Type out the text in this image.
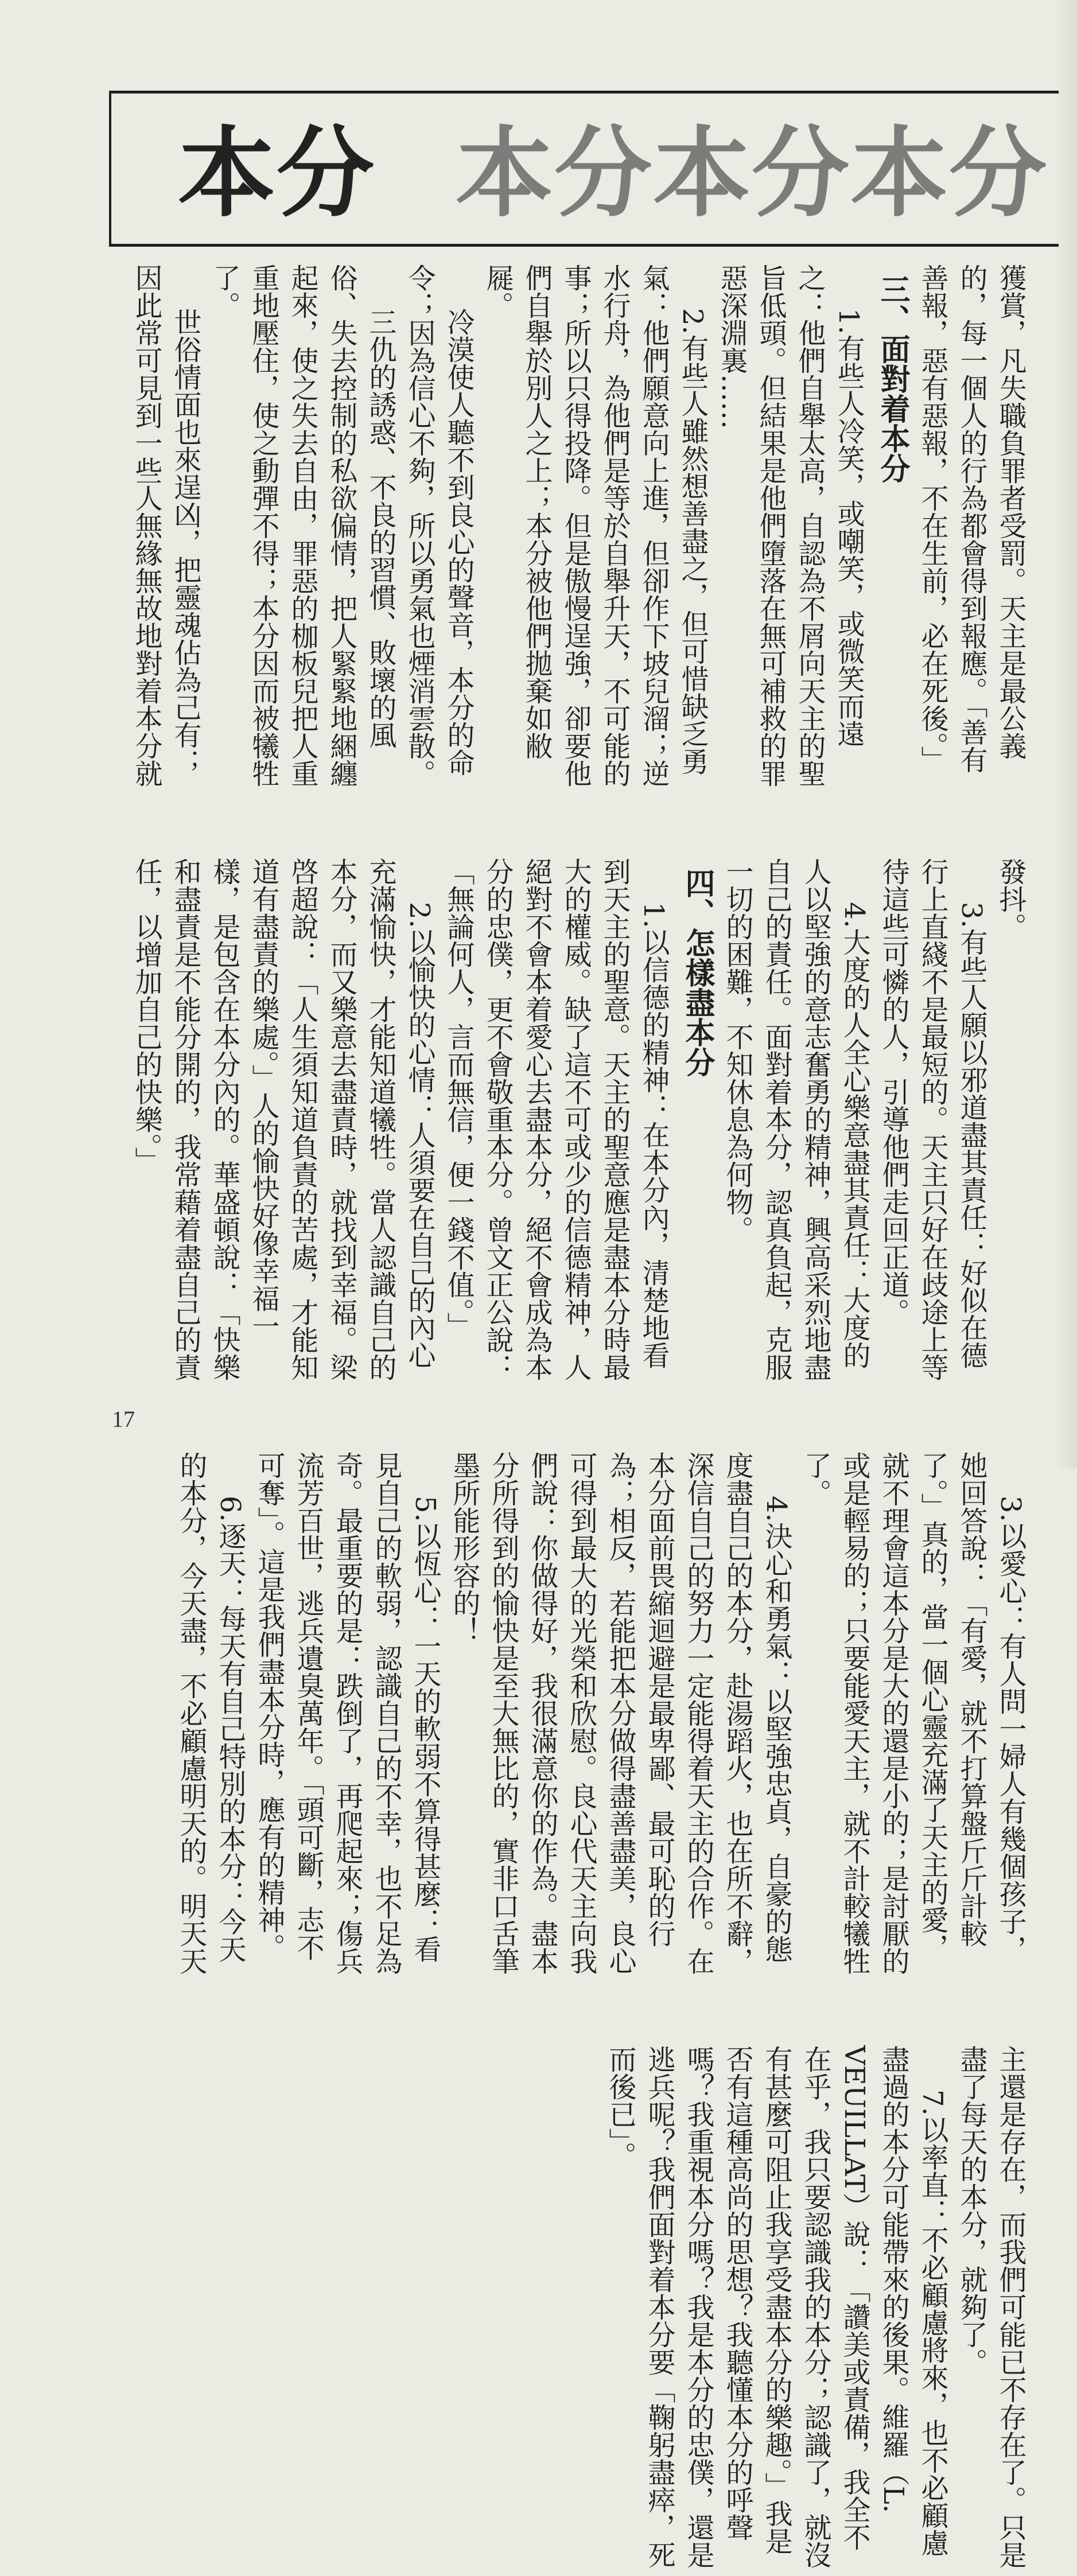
本分 本分本分本分

獲賞，凡失職負罪者受罰。天主是最公義的，每一個人的行為都會得到報應。「善有善報，惡有惡報，不在生前，必在死後。」

三、面對着本分

1.有些人冷笑，或嘲笑，或微笑而遠之：他們自舉太高，自認為不屑向天主的聖旨低頭。但結果是他們墮落在無可補救的罪惡深淵裏……

2.有些人雖然想善盡之，但可惜缺乏勇氣：他們願意向上進，但卻作下坡兒溜；逆水行舟，為他們是等於自舉升天，不可能的事；所以只得投降。但是傲慢逞強，卻要他們自舉於別人之上；本分被他們拋棄如敝屣。

冷漠使人聽不到良心的聲音，本分的命令；因為信心不夠，所以勇氣也煙消雲散。

三仇的誘惑、不良的習慣、敗壞的風俗、失去控制的私欲偏情，把人緊緊地綑纏起來，使之失去自由，罪惡的枷板兒把人重重地壓住，使之動彈不得；本分因而被犧牲了。

世俗情面也來逞凶，把靈魂佔為己有；因此常可見到一些人無緣無故地對着本分就發抖。

3.有些人願以邪道盡其責任：好似在德行上直綫不是最短的。天主只好在歧途上等待這些可憐的人，引導他們走回正道。

4.大度的人全心樂意盡其責任：大度的人以堅強的意志奮勇的精神，興高采烈地盡自己的責任。面對着本分，認真負起，克服一切的困難，不知休息為何物。

四、怎樣盡本分

1.以信德的精神：在本分內，清楚地看到天主的聖意。天主的聖意應是盡本分時最大的權威。缺了這不可或少的信德精神，人絕對不會本着愛心去盡本分，絕不會成為本分的忠僕，更不會敬重本分。曾文正公說：「無論何人，言而無信，便一錢不值。」

2.以愉快的心情：人須要在自己的內心充滿愉快，才能知道犧牲。當人認識自己的本分，而又樂意去盡責時，就找到幸福。梁啓超說：「人生須知道負責的苦處，才能知道有盡責的樂處。」人的愉快好像幸福一樣，是包含在本分內的。華盛頓說：「快樂和盡責是不能分開的，我常藉着盡自己的責任，以增加自己的快樂。」

3.以愛心：有人問一婦人有幾個孩子，她回答說：「有愛，就不打算盤斤斤計較了。」真的，當一個心靈充滿了天主的愛，就不理會這本分是大的還是小的；是討厭的或是輕易的；只要能愛天主，就不計較犧牲了。

4.決心和勇氣：以堅強忠貞，自豪的態度盡自己的本分，赴湯蹈火，也在所不辭，深信自己的努力一定能得着天主的合作。在本分面前畏縮迴避是最卑鄙、最可恥的行為；相反，若能把本分做得盡善盡美，良心可得到最大的光榮和欣慰。良心代天主向我們說：你做得好，我很滿意你的作為。盡本分所得到的愉快是至大無比的，實非口舌筆墨所能形容的！

5.以恆心：一天的軟弱不算得甚麼：看見自己的軟弱，認識自己的不幸，也不足為奇。最重要的是：跌倒了，再爬起來；傷兵流芳百世，逃兵遺臭萬年。「頭可斷，志不可奪」。這是我們盡本分時，應有的精神。

6.逐天：每天有自己特別的本分：今天的本分，今天盡，不必顧慮明天的。明天天主還是存在，而我們可能已不存在了。只是盡了每天的本分，就夠了。

7.以率直：不必顧慮將來，也不必顧慮盡過的本分可能帶來的後果。維羅（L. VEUILLAT）說：「讚美或責備，我全不在乎，我只要認識我的本分；認識了，就沒有甚麼可阻止我享受盡本分的樂趣。」我是否有這種高尚的思想？我聽懂本分的呼聲嗎？我重視本分嗎？我是本分的忠僕，還是逃兵呢？我們面對着本分要「鞠躬盡瘁，死而後已」。

17
